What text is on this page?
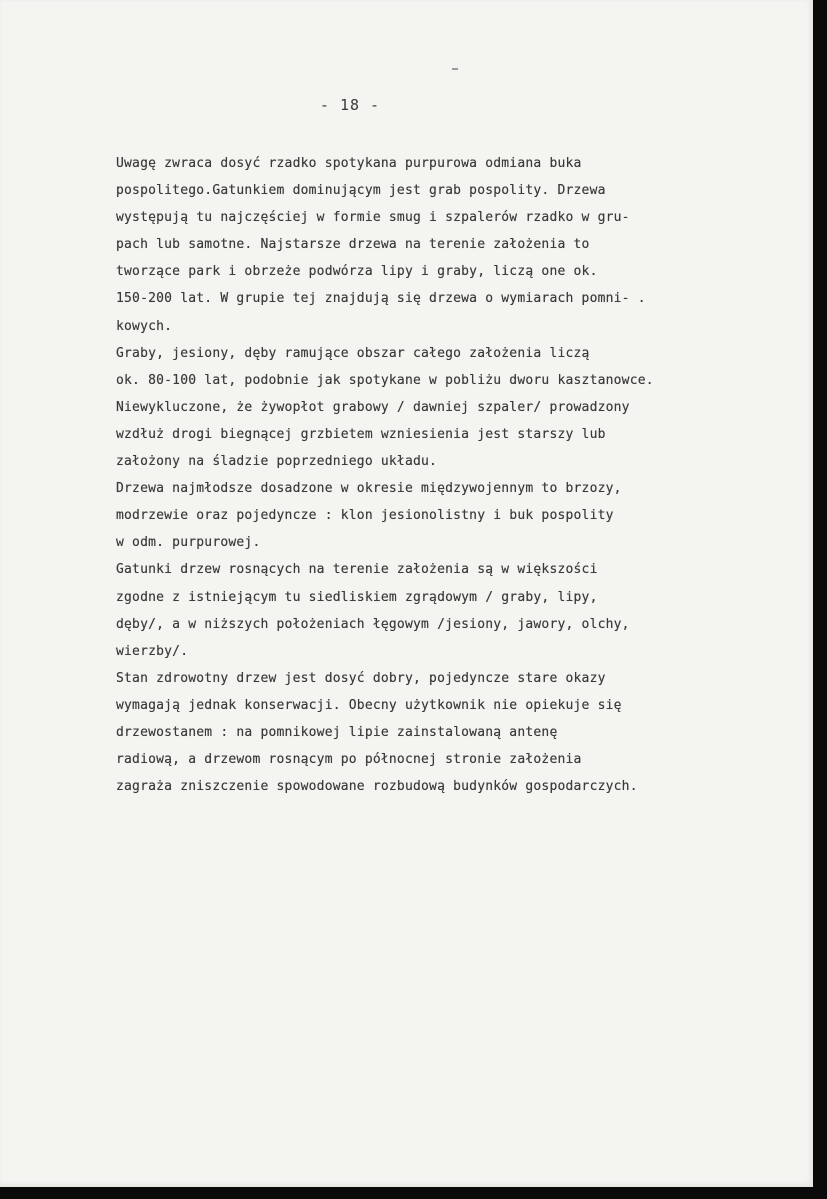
- 18 -
Uwagę zwraca dosyć rzadko spotykana purpurowa odmiana buka
pospolitego.Gatunkiem dominującym jest grab pospolity. Drzewa
występują tu najczęściej w formie smug i szpalerów rzadko w gru-
pach lub samotne. Najstarsze drzewa na terenie założenia to
tworzące park i obrzeże podwórza lipy i graby, liczą one ok.
150-200 lat. W grupie tej znajdują się drzewa o wymiarach pomni- .
kowych.
Graby, jesiony, dęby ramujące obszar całego założenia liczą
ok. 80-100 lat, podobnie jak spotykane w pobliżu dworu kasztanowce.
Niewykluczone, że żywopłot grabowy / dawniej szpaler/ prowadzony
wzdłuż drogi biegnącej grzbietem wzniesienia jest starszy lub
założony na śladzie poprzedniego układu.
Drzewa najmłodsze dosadzone w okresie międzywojennym to brzozy,
modrzewie oraz pojedyncze : klon jesionolistny i buk pospolity
w odm. purpurowej.
Gatunki drzew rosnących na terenie założenia są w większości
zgodne z istniejącym tu siedliskiem zgrądowym / graby, lipy,
dęby/, a w niższych położeniach łęgowym /jesiony, jawory, olchy,
wierzby/.
Stan zdrowotny drzew jest dosyć dobry, pojedyncze stare okazy
wymagają jednak konserwacji. Obecny użytkownik nie opiekuje się
drzewostanem : na pomnikowej lipie zainstalowaną antenę
radiową, a drzewom rosnącym po północnej stronie założenia
zagraża zniszczenie spowodowane rozbudową budynków gospodarczych.
